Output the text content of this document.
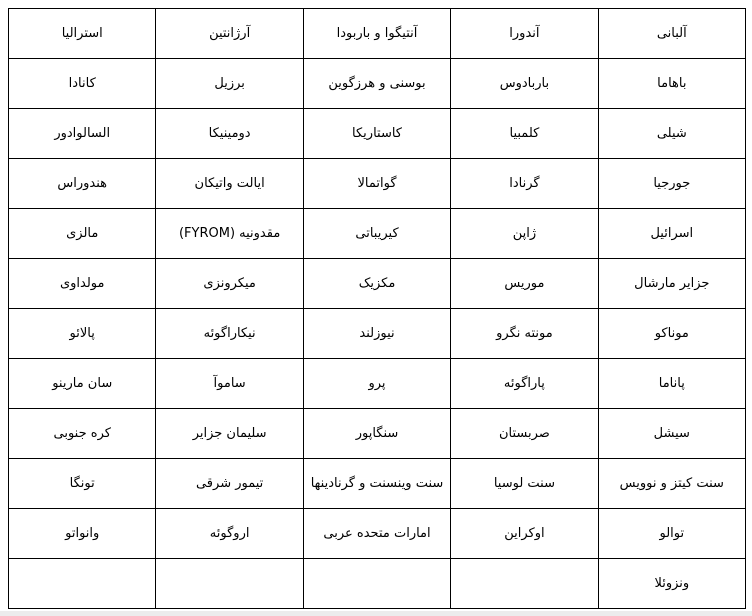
آلبانی	آندورا	آنتیگوا و باربودا	آرژانتین	استرالیا
باهاما	باربادوس	بوسنی و هرزگوین	برزیل	کانادا
شیلی	کلمبیا	کاستاریکا	دومینیکا	السالوادور
جورجیا	گرنادا	گواتمالا	ایالت واتیکان	هندوراس
اسرائیل	ژاپن	کیریباتی	مقدونیه (FYROM)	مالزی
جزایر مارشال	موریس	مکزیک	میکرونزی	مولداوی
موناکو	مونته نگرو	نیوزلند	نیکاراگوئه	پالائو
پاناما	پاراگوئه	پرو	ساموآ	سان مارینو
سیشل	صربستان	سنگاپور	سلیمان جزایر	کره جنوبی
سنت کیتز و نوویس	سنت لوسیا	سنت وینسنت و گرنادینها	تیمور شرقی	تونگا
توالو	اوکراین	امارات متحده عربی	اروگوئه	وانواتو
ونزوئلا				
